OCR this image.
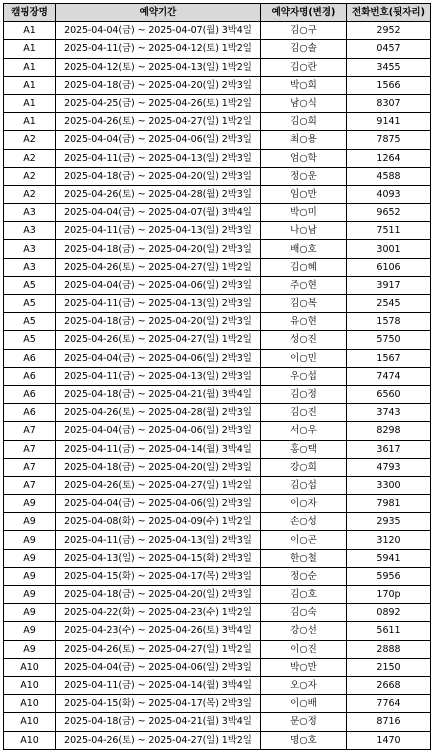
캠핑장명	예약기간	예약자명(변경)	전화번호(뒷자리)
A1	2025-04-04(금) ~ 2025-04-07(월) 3박4일	김○구	2952
A1	2025-04-11(금) ~ 2025-04-12(토) 1박2일	김○솔	0457
A1	2025-04-12(토) ~ 2025-04-13(일) 1박2일	김○란	3455
A1	2025-04-18(금) ~ 2025-04-20(일) 2박3일	박○희	1566
A1	2025-04-25(금) ~ 2025-04-26(토) 1박2일	남○식	8307
A1	2025-04-26(토) ~ 2025-04-27(일) 1박2일	김○희	9141
A2	2025-04-04(금) ~ 2025-04-06(일) 2박3일	최○용	7875
A2	2025-04-11(금) ~ 2025-04-13(일) 2박3일	엄○학	1264
A2	2025-04-18(금) ~ 2025-04-20(일) 2박3일	정○운	4588
A2	2025-04-26(토) ~ 2025-04-28(월) 2박3일	임○만	4093
A3	2025-04-04(금) ~ 2025-04-07(월) 3박4일	박○미	9652
A3	2025-04-11(금) ~ 2025-04-13(일) 2박3일	나○남	7511
A3	2025-04-18(금) ~ 2025-04-20(일) 2박3일	배○호	3001
A3	2025-04-26(토) ~ 2025-04-27(일) 1박2일	김○혜	6106
A5	2025-04-04(금) ~ 2025-04-06(일) 2박3일	주○현	3917
A5	2025-04-11(금) ~ 2025-04-13(일) 2박3일	김○복	2545
A5	2025-04-18(금) ~ 2025-04-20(일) 2박3일	유○현	1578
A5	2025-04-26(토) ~ 2025-04-27(일) 1박2일	성○진	5750
A6	2025-04-04(금) ~ 2025-04-06(일) 2박3일	이○민	1567
A6	2025-04-11(금) ~ 2025-04-13(일) 2박3일	우○섭	7474
A6	2025-04-18(금) ~ 2025-04-21(월) 3박4일	김○정	6560
A6	2025-04-26(토) ~ 2025-04-28(월) 2박3일	김○진	3743
A7	2025-04-04(금) ~ 2025-04-06(일) 2박3일	서○우	8298
A7	2025-04-11(금) ~ 2025-04-14(월) 3박4일	홍○택	3617
A7	2025-04-18(금) ~ 2025-04-20(일) 2박3일	강○희	4793
A7	2025-04-26(토) ~ 2025-04-27(일) 1박2일	김○섭	3300
A9	2025-04-04(금) ~ 2025-04-06(일) 2박3일	이○자	7981
A9	2025-04-08(화) ~ 2025-04-09(수) 1박2일	손○성	2935
A9	2025-04-11(금) ~ 2025-04-13(일) 2박3일	이○곤	3120
A9	2025-04-13(일) ~ 2025-04-15(화) 2박3일	한○철	5941
A9	2025-04-15(화) ~ 2025-04-17(목) 2박3일	정○순	5956
A9	2025-04-18(금) ~ 2025-04-20(일) 2박3일	김○호	170p
A9	2025-04-22(화) ~ 2025-04-23(수) 1박2일	김○숙	0892
A9	2025-04-23(수) ~ 2025-04-26(토) 3박4일	강○선	5611
A9	2025-04-26(토) ~ 2025-04-27(일) 1박2일	이○진	2888
A10	2025-04-04(금) ~ 2025-04-06(일) 2박3일	박○만	2150
A10	2025-04-11(금) ~ 2025-04-14(월) 3박4일	오○자	2668
A10	2025-04-15(화) ~ 2025-04-17(목) 2박3일	이○배	7764
A10	2025-04-18(금) ~ 2025-04-21(월) 3박4일	문○정	8716
A10	2025-04-26(토) ~ 2025-04-27(일) 1박2일	명○호	1470
